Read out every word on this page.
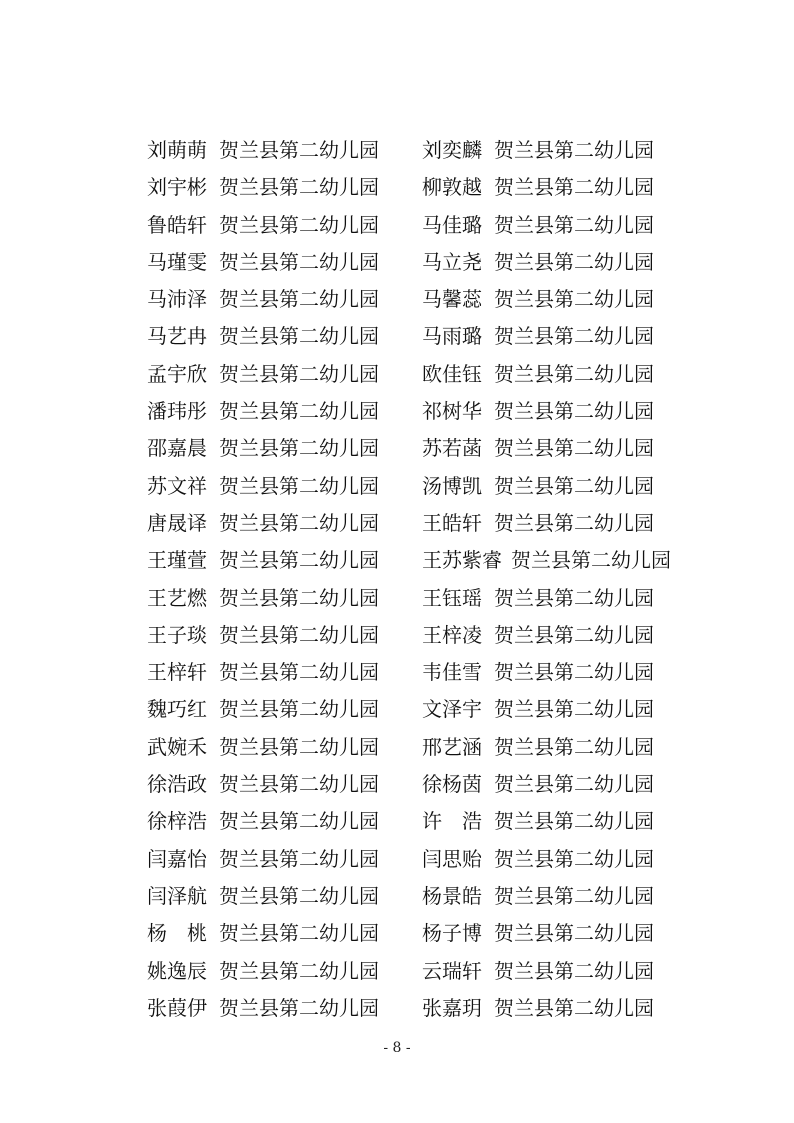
刘萌萌 贺兰县第二幼儿园 刘奕麟 贺兰县第二幼儿园
刘宇彬 贺兰县第二幼儿园 柳敦越 贺兰县第二幼儿园
鲁皓轩 贺兰县第二幼儿园 马佳璐 贺兰县第二幼儿园
马瑾雯 贺兰县第二幼儿园 马立尧 贺兰县第二幼儿园
马沛泽 贺兰县第二幼儿园 马馨蕊 贺兰县第二幼儿园
马艺冉 贺兰县第二幼儿园 马雨璐 贺兰县第二幼儿园
孟宇欣 贺兰县第二幼儿园 欧佳钰 贺兰县第二幼儿园
潘玮彤 贺兰县第二幼儿园 祁树华 贺兰县第二幼儿园
邵嘉晨 贺兰县第二幼儿园 苏若菡 贺兰县第二幼儿园
苏文祥 贺兰县第二幼儿园 汤博凯 贺兰县第二幼儿园
唐晟译 贺兰县第二幼儿园 王皓轩 贺兰县第二幼儿园
王瑾萱 贺兰县第二幼儿园 王苏紫睿 贺兰县第二幼儿园
王艺燃 贺兰县第二幼儿园 王钰瑶 贺兰县第二幼儿园
王子琰 贺兰县第二幼儿园 王梓凌 贺兰县第二幼儿园
王梓轩 贺兰县第二幼儿园 韦佳雪 贺兰县第二幼儿园
魏巧红 贺兰县第二幼儿园 文泽宇 贺兰县第二幼儿园
武婉禾 贺兰县第二幼儿园 邢艺涵 贺兰县第二幼儿园
徐浩政 贺兰县第二幼儿园 徐杨茵 贺兰县第二幼儿园
徐梓浩 贺兰县第二幼儿园 许　浩 贺兰县第二幼儿园
闫嘉怡 贺兰县第二幼儿园 闫思贻 贺兰县第二幼儿园
闫泽航 贺兰县第二幼儿园 杨景皓 贺兰县第二幼儿园
杨　桃 贺兰县第二幼儿园 杨子博 贺兰县第二幼儿园
姚逸辰 贺兰县第二幼儿园 云瑞轩 贺兰县第二幼儿园
张葭伊 贺兰县第二幼儿园 张嘉玥 贺兰县第二幼儿园
- 8 -
